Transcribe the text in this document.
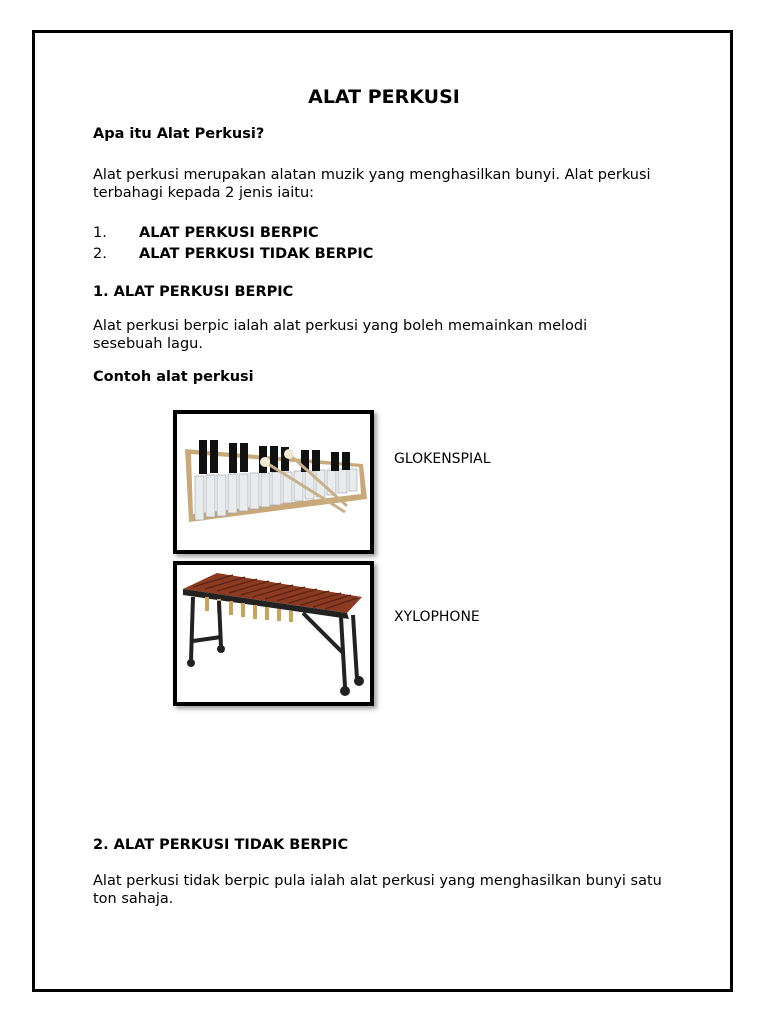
ALAT PERKUSI
Apa itu Alat Perkusi?
Alat perkusi merupakan alatan muzik yang menghasilkan bunyi. Alat perkusi terbahagi kepada 2 jenis iaitu:
1. ALAT PERKUSI BERPIC
2. ALAT PERKUSI TIDAK BERPIC
1. ALAT PERKUSI BERPIC
Alat perkusi berpic ialah alat perkusi yang boleh memainkan melodi sesebuah lagu.
Contoh alat perkusi
GLOKENSPIAL
XYLOPHONE
2. ALAT PERKUSI TIDAK BERPIC
Alat perkusi tidak berpic pula ialah alat perkusi yang menghasilkan bunyi satu ton sahaja.
